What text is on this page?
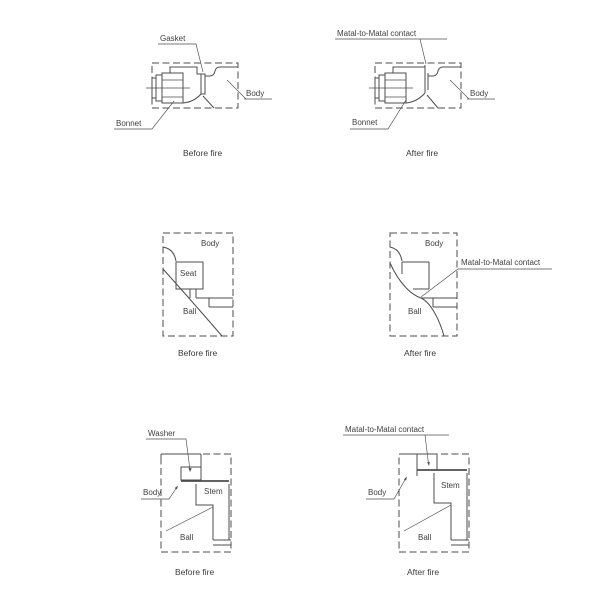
Gasket
Body
Bonnet
Before fire
Matal-to-Matal contact
Body
Bonnet
After fire
Body
Seat
Ball
Before fire
Body
Matal-to-Matal contact
Ball
After fire
Washer
Body	Stem
Ball
Before fire
Matal-to-Matal contact
Body
Stem
Ball
After fire
